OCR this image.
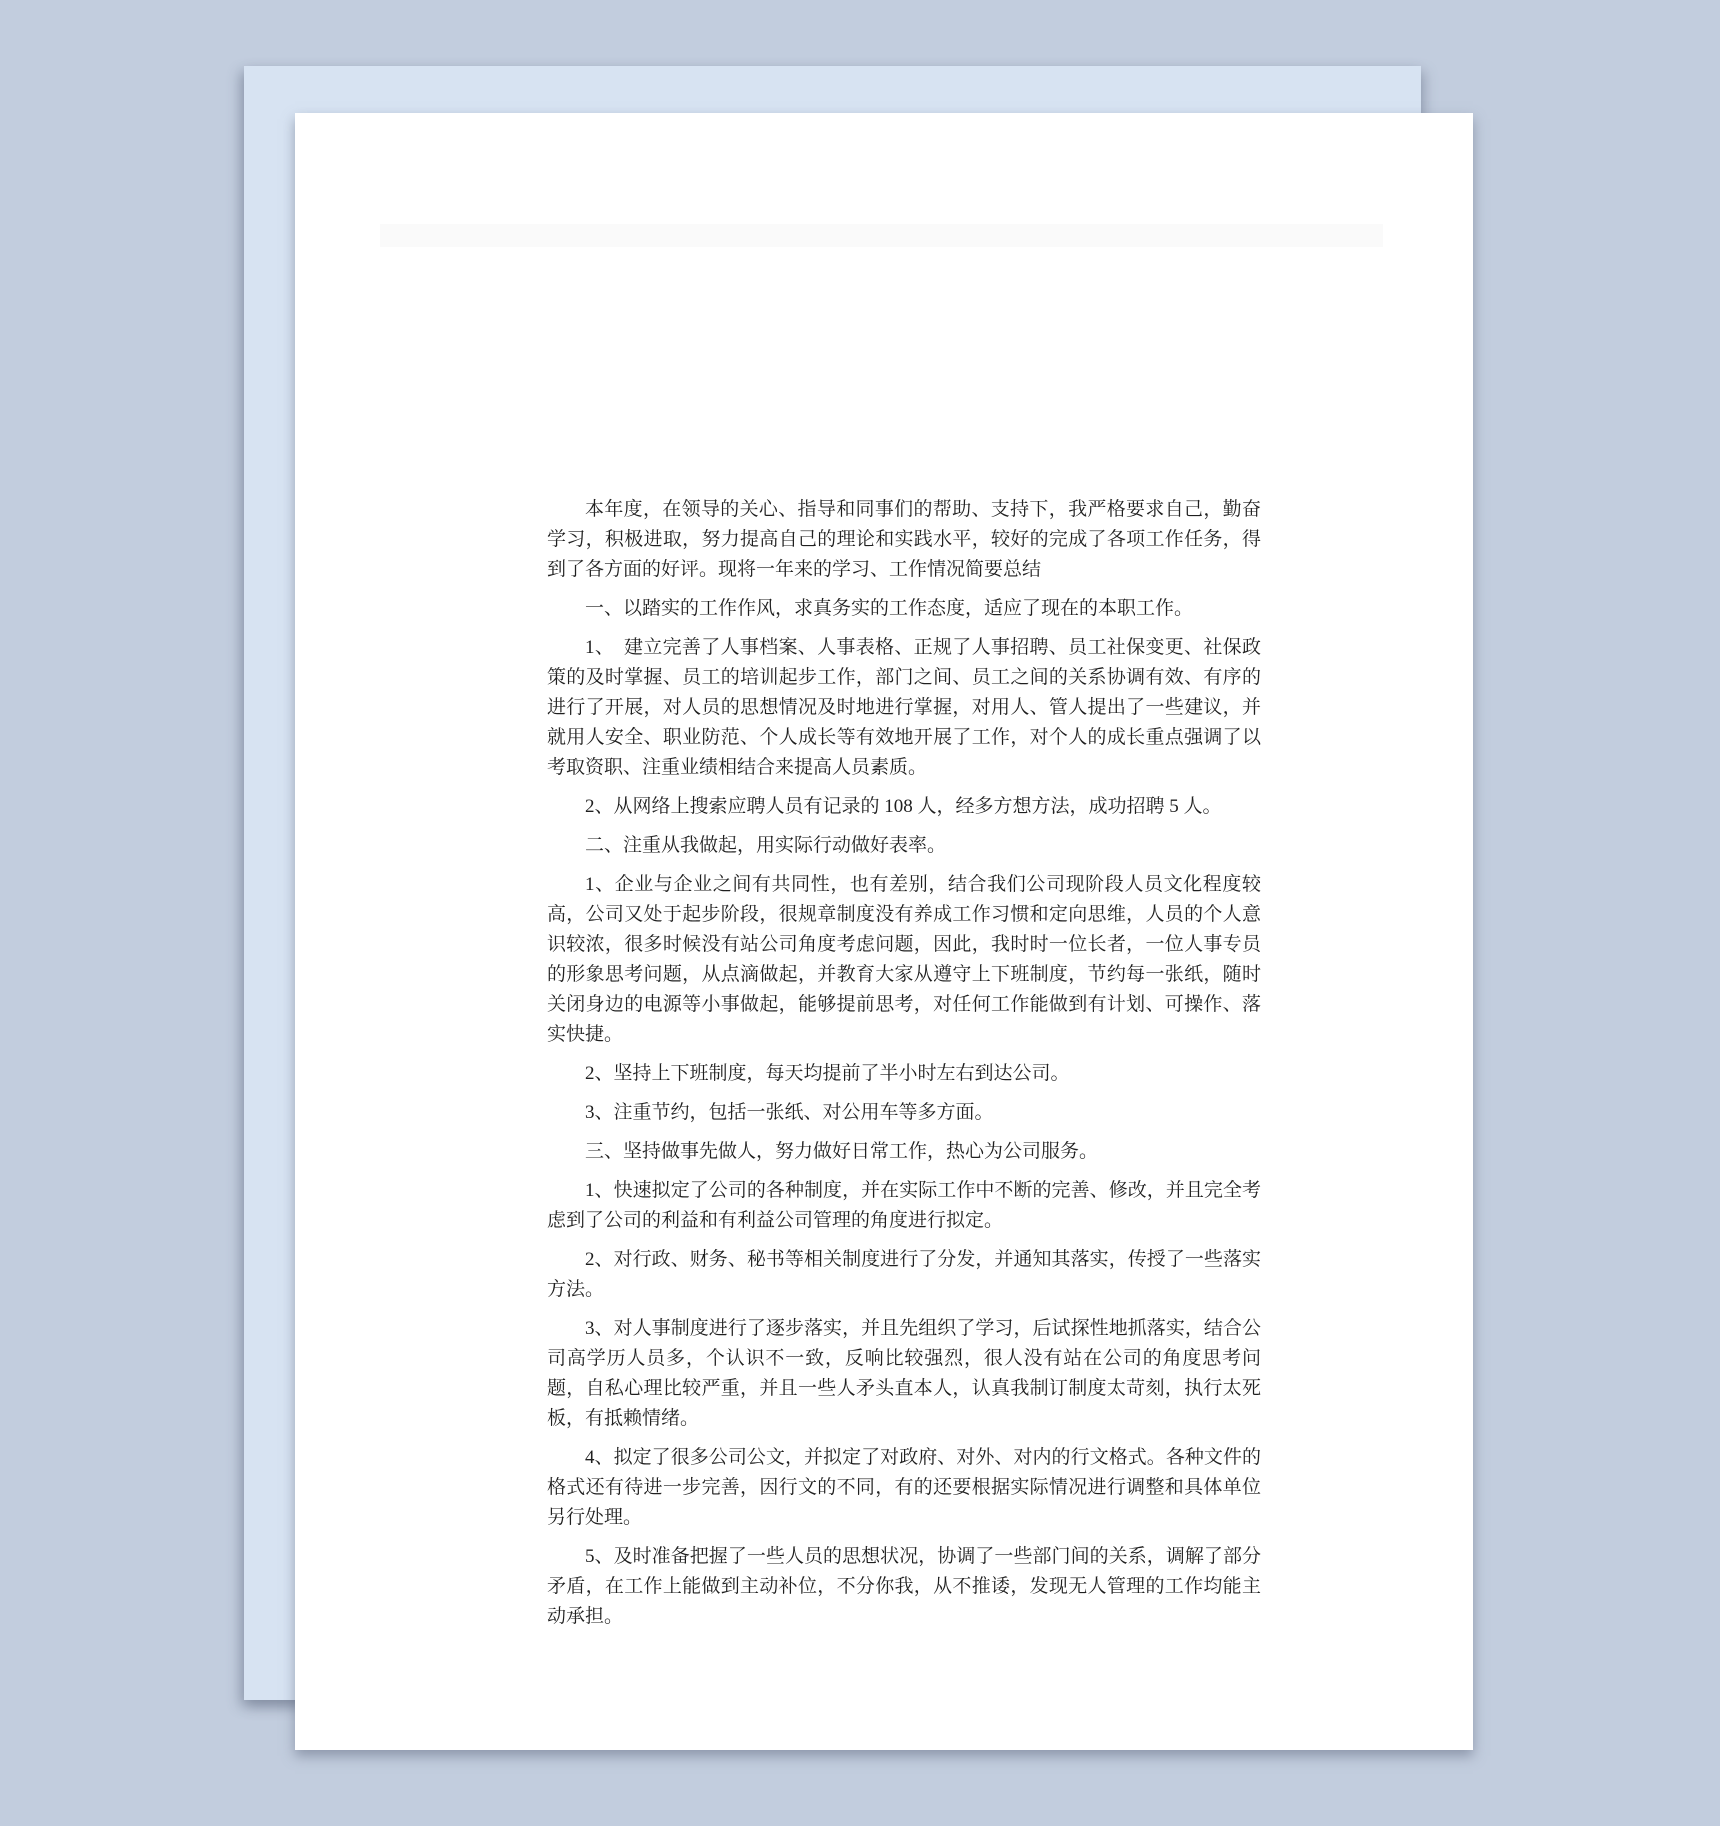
本年度，在领导的关心、指导和同事们的帮助、支持下，我严格要求自己，勤奋学习，积极进取，努力提高自己的理论和实践水平，较好的完成了各项工作任务，得到了各方面的好评。现将一年来的学习、工作情况简要总结

一、以踏实的工作作风，求真务实的工作态度，适应了现在的本职工作。

1、　建立完善了人事档案、人事表格、正规了人事招聘、员工社保变更、社保政策的及时掌握、员工的培训起步工作，部门之间、员工之间的关系协调有效、有序的进行了开展，对人员的思想情况及时地进行掌握，对用人、管人提出了一些建议，并就用人安全、职业防范、个人成长等有效地开展了工作，对个人的成长重点强调了以考取资职、注重业绩相结合来提高人员素质。

2、从网络上搜索应聘人员有记录的 108 人，经多方想方法，成功招聘 5 人。

二、注重从我做起，用实际行动做好表率。

1、企业与企业之间有共同性，也有差别，结合我们公司现阶段人员文化程度较高，公司又处于起步阶段，很规章制度没有养成工作习惯和定向思维，人员的个人意识较浓，很多时候没有站公司角度考虑问题，因此，我时时一位长者，一位人事专员的形象思考问题，从点滴做起，并教育大家从遵守上下班制度，节约每一张纸，随时关闭身边的电源等小事做起，能够提前思考，对任何工作能做到有计划、可操作、落实快捷。

2、坚持上下班制度，每天均提前了半小时左右到达公司。

3、注重节约，包括一张纸、对公用车等多方面。

三、坚持做事先做人，努力做好日常工作，热心为公司服务。

1、快速拟定了公司的各种制度，并在实际工作中不断的完善、修改，并且完全考虑到了公司的利益和有利益公司管理的角度进行拟定。

2、对行政、财务、秘书等相关制度进行了分发，并通知其落实，传授了一些落实方法。

3、对人事制度进行了逐步落实，并且先组织了学习，后试探性地抓落实，结合公司高学历人员多，个认识不一致，反响比较强烈，很人没有站在公司的角度思考问题，自私心理比较严重，并且一些人矛头直本人，认真我制订制度太苛刻，执行太死板，有抵赖情绪。

4、拟定了很多公司公文，并拟定了对政府、对外、对内的行文格式。各种文件的格式还有待进一步完善，因行文的不同，有的还要根据实际情况进行调整和具体单位另行处理。

5、及时准备把握了一些人员的思想状况，协调了一些部门间的关系，调解了部分矛盾，在工作上能做到主动补位，不分你我，从不推诿，发现无人管理的工作均能主动承担。
